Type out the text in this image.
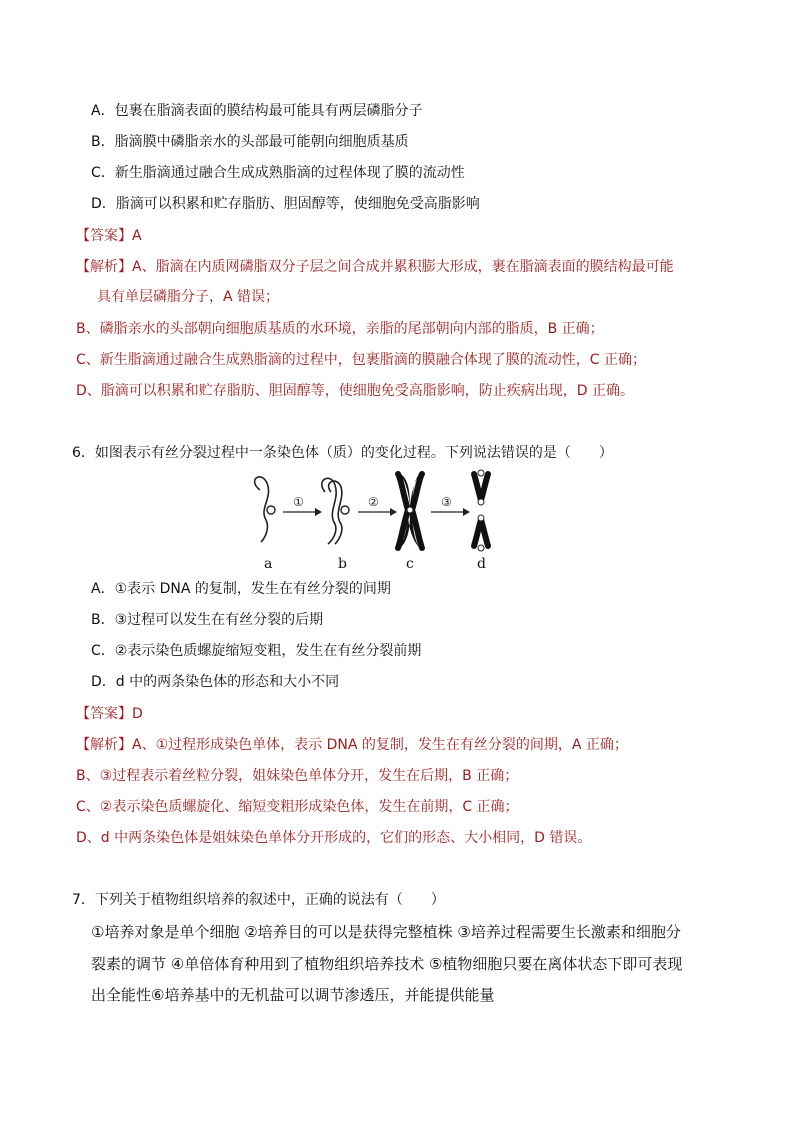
A．包裹在脂滴表面的膜结构最可能具有两层磷脂分子
B．脂滴膜中磷脂亲水的头部最可能朝向细胞质基质
C．新生脂滴通过融合生成成熟脂滴的过程体现了膜的流动性
D．脂滴可以积累和贮存脂肪、胆固醇等，使细胞免受高脂影响
【答案】A
【解析】A、脂滴在内质网磷脂双分子层之间合成并累积膨大形成，裹在脂滴表面的膜结构最可能
具有单层磷脂分子，A 错误；
B、磷脂亲水的头部朝向细胞质基质的水环境，亲脂的尾部朝向内部的脂质，B 正确；
C、新生脂滴通过融合生成熟脂滴的过程中，包裹脂滴的膜融合体现了膜的流动性，C 正确；
D、脂滴可以积累和贮存脂肪、胆固醇等，使细胞免受高脂影响，防止疾病出现，D 正确。
6．如图表示有丝分裂过程中一条染色体（质）的变化过程。下列说法错误的是（　　）
①	②	③
a	b	c	d
A．①表示 DNA 的复制，发生在有丝分裂的间期
B．③过程可以发生在有丝分裂的后期
C．②表示染色质螺旋缩短变粗，发生在有丝分裂前期
D．d 中的两条染色体的形态和大小不同
【答案】D
【解析】A、①过程形成染色单体，表示 DNA 的复制，发生在有丝分裂的间期，A 正确；
B、③过程表示着丝粒分裂，姐妹染色单体分开，发生在后期，B 正确；
C、②表示染色质螺旋化、缩短变粗形成染色体，发生在前期，C 正确；
D、d 中两条染色体是姐妹染色单体分开形成的，它们的形态、大小相同，D 错误。
7．下列关于植物组织培养的叙述中，正确的说法有（　　）
①培养对象是单个细胞 ②培养目的可以是获得完整植株 ③培养过程需要生长激素和细胞分
裂素的调节 ④单倍体育种用到了植物组织培养技术 ⑤植物细胞只要在离体状态下即可表现
出全能性⑥培养基中的无机盐可以调节渗透压，并能提供能量
